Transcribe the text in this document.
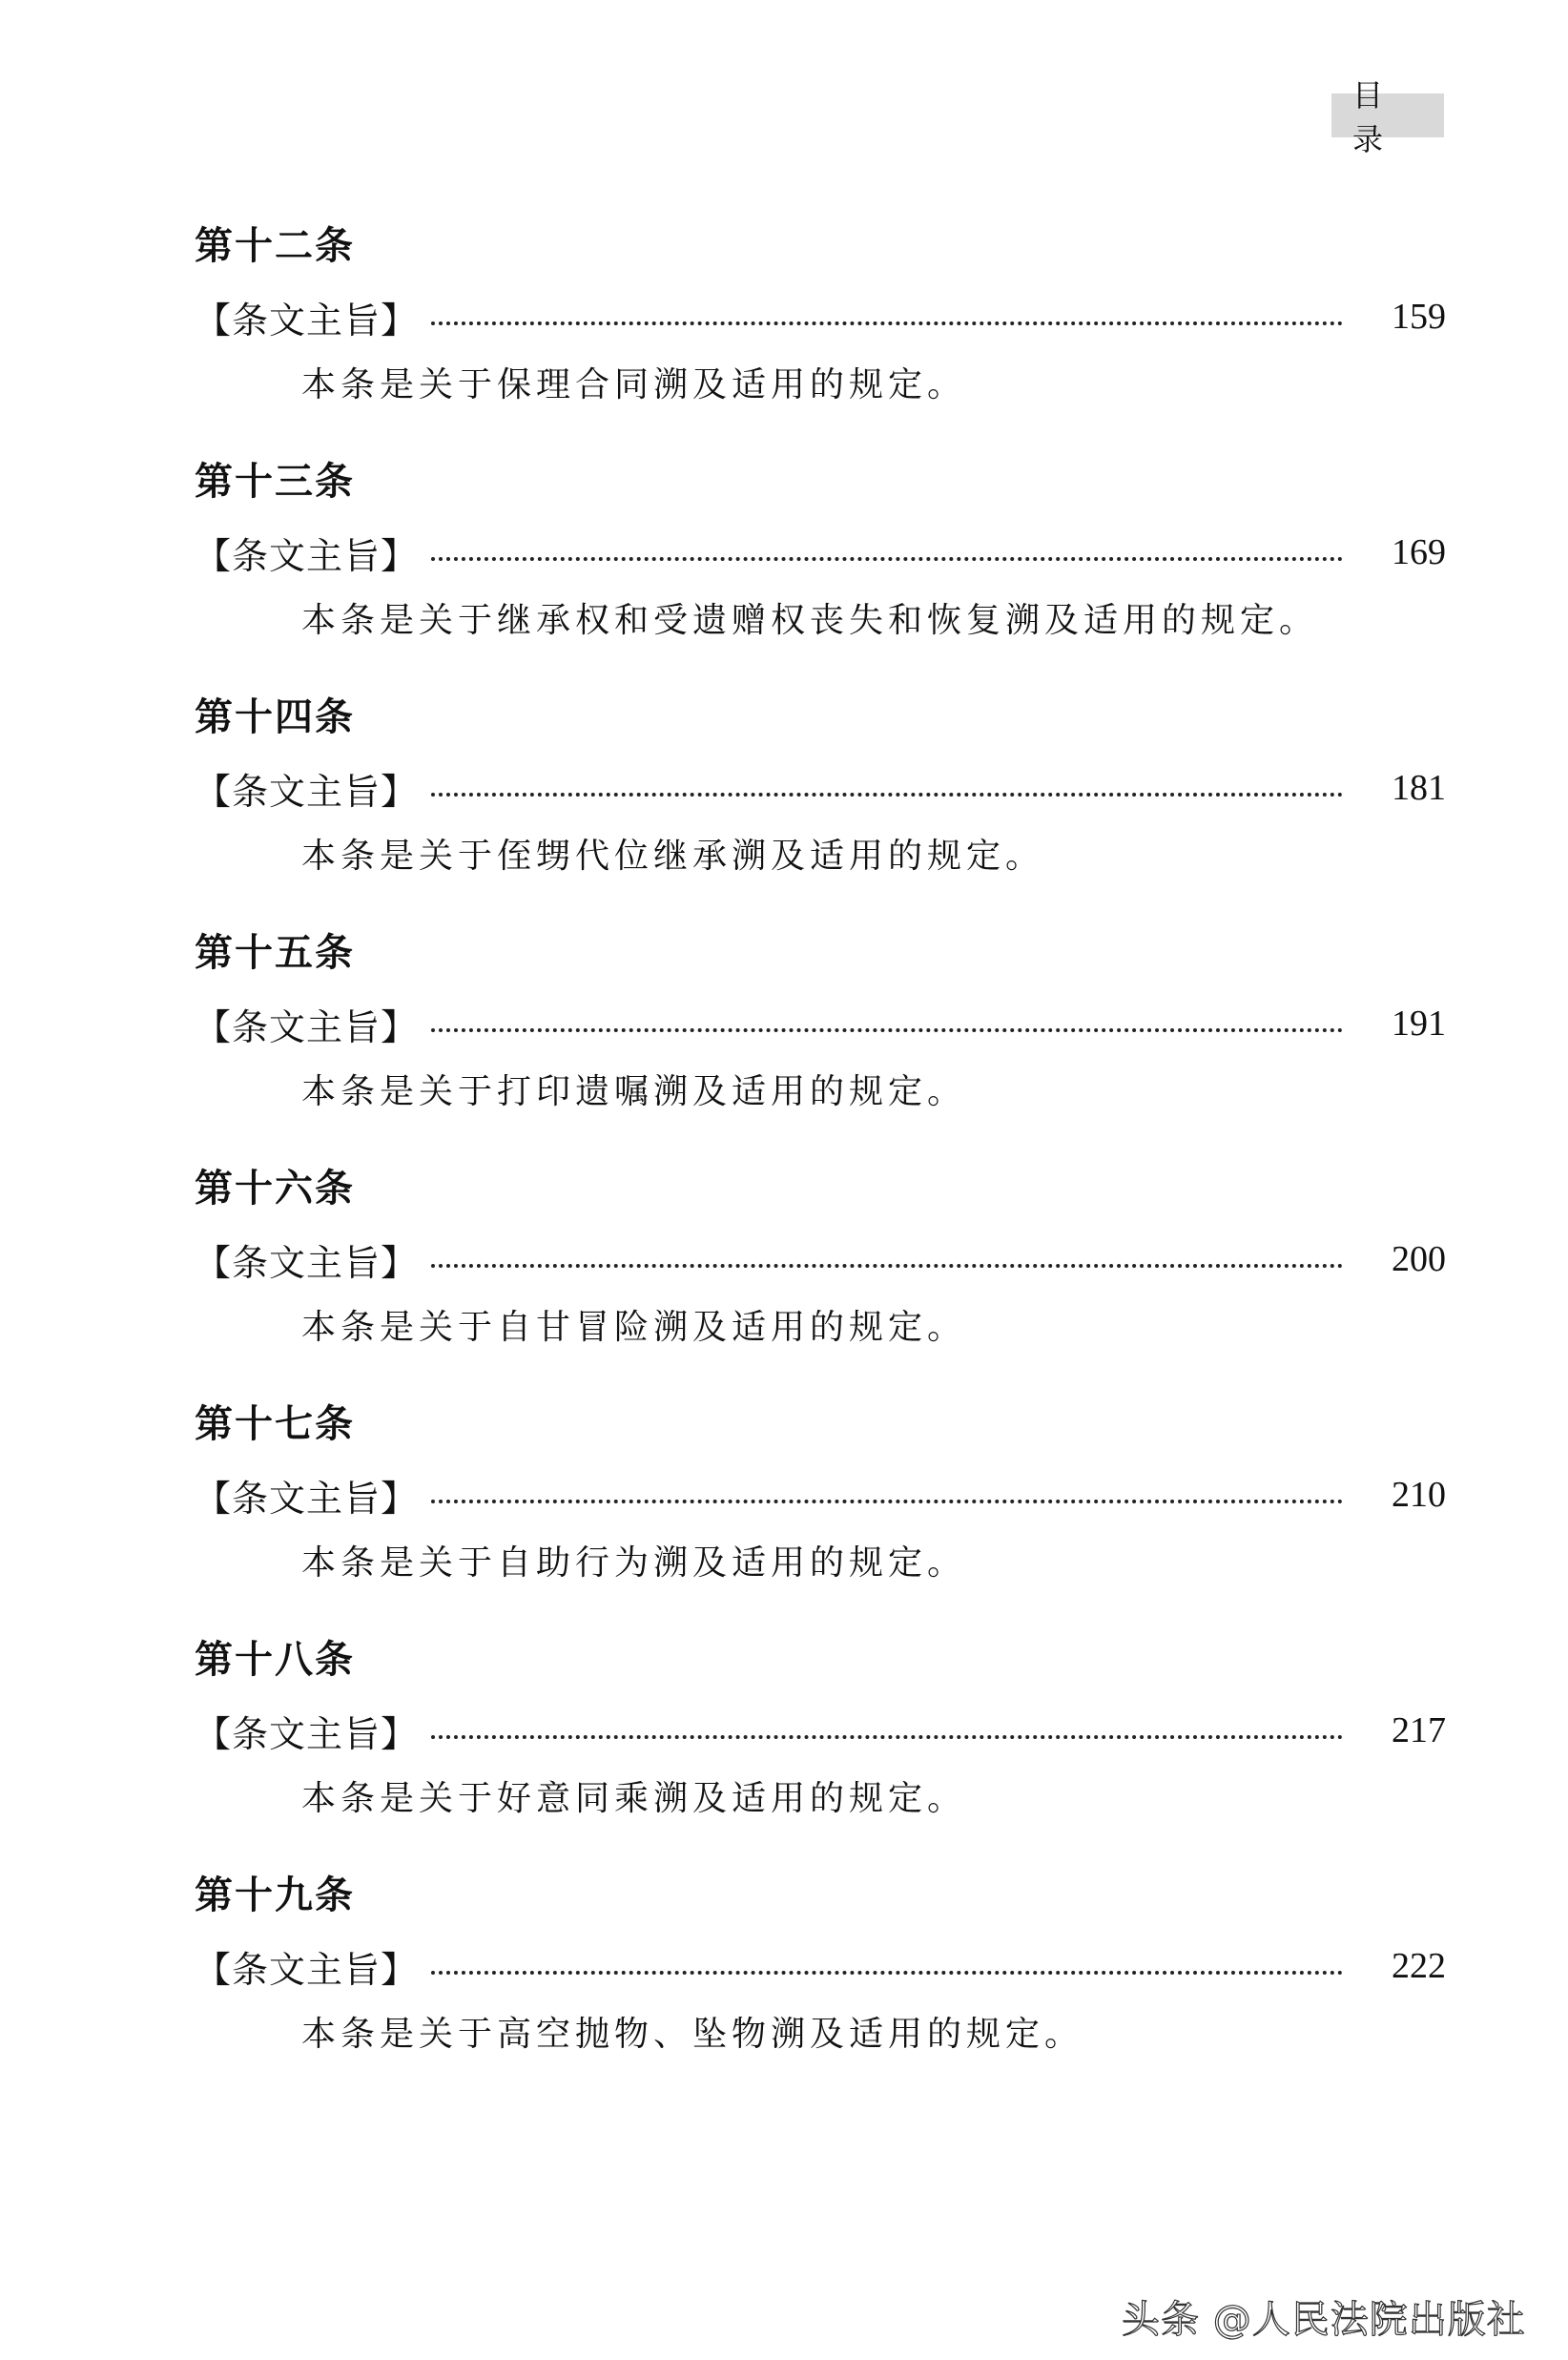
目 录
第十二条
【条文主旨】	159
本条是关于保理合同溯及适用的规定。
第十三条
【条文主旨】	169
本条是关于继承权和受遗赠权丧失和恢复溯及适用的规定。
第十四条
【条文主旨】	181
本条是关于侄甥代位继承溯及适用的规定。
第十五条
【条文主旨】	191
本条是关于打印遗嘱溯及适用的规定。
第十六条
【条文主旨】	200
本条是关于自甘冒险溯及适用的规定。
第十七条
【条文主旨】	210
本条是关于自助行为溯及适用的规定。
第十八条
【条文主旨】	217
本条是关于好意同乘溯及适用的规定。
第十九条
【条文主旨】	222
本条是关于高空抛物、坠物溯及适用的规定。
头条 @人民法院出版社
